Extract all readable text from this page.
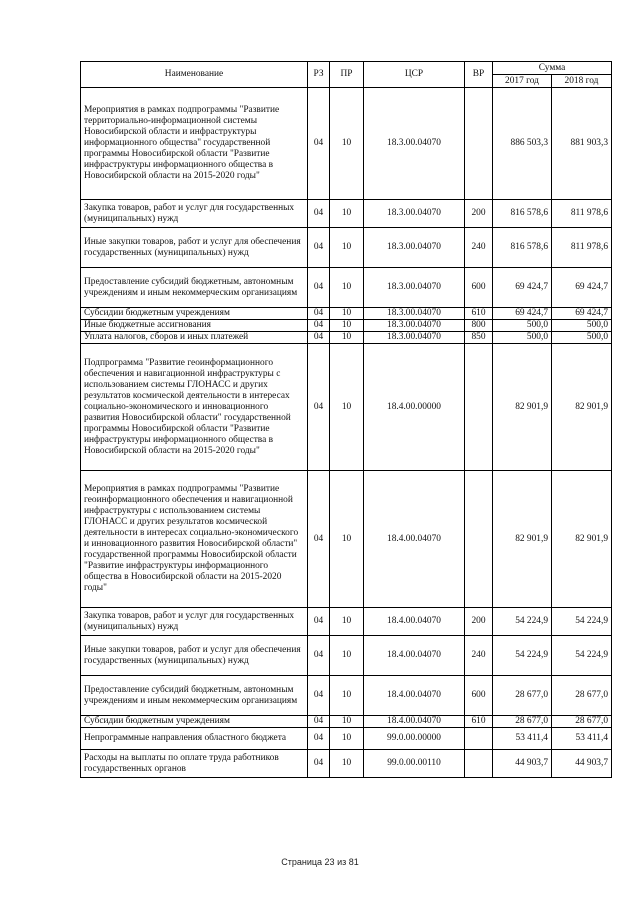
Наименование	РЗ	ПР	ЦСР	ВР	Сумма	
					2017 год	2018 год
Мероприятия в рамках подпрограммы "Развитие территориально-информационной системы Новосибирской области и инфраструктуры информационного общества" государственной программы Новосибирской области "Развитие инфраструктуры информационного общества в Новосибирской области на 2015-2020 годы"	04	10	18.3.00.04070		886 503,3	881 903,3
Закупка товаров, работ и услуг для государственных (муниципальных) нужд	04	10	18.3.00.04070	200	816 578,6	811 978,6
Иные закупки товаров, работ и услуг для обеспечения государственных (муниципальных) нужд	04	10	18.3.00.04070	240	816 578,6	811 978,6
Предоставление субсидий бюджетным, автономным учреждениям и иным некоммерческим организациям	04	10	18.3.00.04070	600	69 424,7	69 424,7
Субсидии бюджетным учреждениям	04	10	18.3.00.04070	610	69 424,7	69 424,7
Иные бюджетные ассигнования	04	10	18.3.00.04070	800	500,0	500,0
Уплата налогов, сборов и иных платежей	04	10	18.3.00.04070	850	500,0	500,0
Подпрограмма "Развитие геоинформационного обеспечения и навигационной инфраструктуры с использованием системы ГЛОНАСС и других результатов космической деятельности в интересах социально-экономического и инновационного развития Новосибирской области" государственной программы Новосибирской области "Развитие инфраструктуры информационного общества в Новосибирской области на 2015-2020 годы"	04	10	18.4.00.00000		82 901,9	82 901,9
Мероприятия в рамках подпрограммы "Развитие геоинформационного обеспечения и навигационной инфраструктуры с использованием системы ГЛОНАСС и других результатов космической деятельности в интересах социально-экономического и инновационного развития Новосибирской области" государственной программы Новосибирской области "Развитие инфраструктуры информационного общества в Новосибирской области на 2015-2020 годы"	04	10	18.4.00.04070		82 901,9	82 901,9
Закупка товаров, работ и услуг для государственных (муниципальных) нужд	04	10	18.4.00.04070	200	54 224,9	54 224,9
Иные закупки товаров, работ и услуг для обеспечения государственных (муниципальных) нужд	04	10	18.4.00.04070	240	54 224,9	54 224,9
Предоставление субсидий бюджетным, автономным учреждениям и иным некоммерческим организациям	04	10	18.4.00.04070	600	28 677,0	28 677,0
Субсидии бюджетным учреждениям	04	10	18.4.00.04070	610	28 677,0	28 677,0
Непрограммные направления областного бюджета	04	10	99.0.00.00000		53 411,4	53 411,4
Расходы на выплаты по оплате труда работников государственных органов	04	10	99.0.00.00110		44 903,7	44 903,7
Страница 23 из 81
